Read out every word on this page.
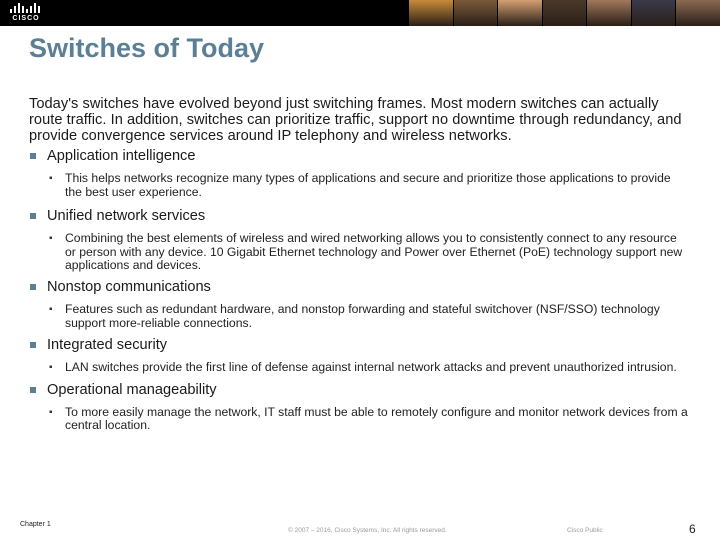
CISCO
Switches of Today

Today's switches have evolved beyond just switching frames. Most modern switches can actually route traffic. In addition, switches can prioritize traffic, support no downtime through redundancy, and provide convergence services around IP telephony and wireless networks.

Application intelligence
▪ This helps networks recognize many types of applications and secure and prioritize those applications to provide the best user experience.
Unified network services
▪ Combining the best elements of wireless and wired networking allows you to consistently connect to any resource or person with any device. 10 Gigabit Ethernet technology and Power over Ethernet (PoE) technology support new applications and devices.
Nonstop communications
▪ Features such as redundant hardware, and nonstop forwarding and stateful switchover (NSF/SSO) technology support more-reliable connections.
Integrated security
▪ LAN switches provide the first line of defense against internal network attacks and prevent unauthorized intrusion.
Operational manageability
▪ To more easily manage the network, IT staff must be able to remotely configure and monitor network devices from a central location.
Chapter 1
© 2007 – 2016, Cisco Systems, Inc. All rights reserved.	Cisco Public	6
